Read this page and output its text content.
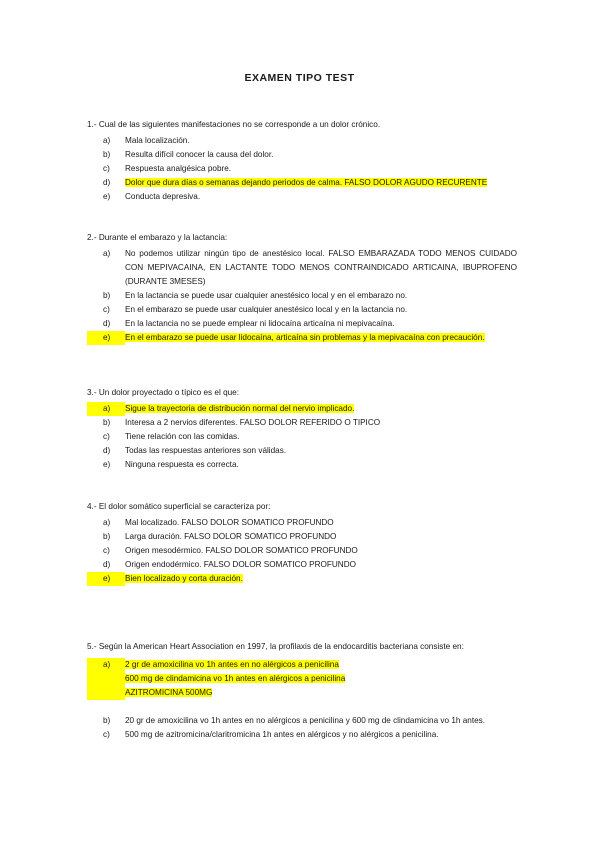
EXAMEN TIPO TEST
1.- Cual de las siguientes manifestaciones no se corresponde a un dolor crónico.
a)	Mala localización.
b)	Resulta difícil conocer la causa del dolor.
c)	Respuesta analgésica pobre.
d)	Dolor que dura días o semanas dejando periodos de calma. FALSO DOLOR AGUDO RECURENTE
e)	Conducta depresiva.
2.- Durante el embarazo y la lactancia:
a)	No podemos utilizar ningún tipo de anestésico local. FALSO EMBARAZADA TODO MENOS CUIDADO CON MEPIVACAINA, EN LACTANTE TODO MENOS CONTRAINDICADO ARTICAINA, IBUPROFENO (DURANTE 3MESES)
b)	En la lactancia se puede usar cualquier anestésico local y en el embarazo no.
c)	En el embarazo se puede usar cualquier anestésico local y en la lactancia no.
d)	En la lactancia no se puede emplear ni lidocaína articaína ni mepivacaína.
e)	En el embarazo se puede usar lidocaína, articaína sin problemas y la mepivacaína con precaución.
3.- Un dolor proyectado o típico es el que:
a)	Sigue la trayectoria de distribución normal del nervio implicado.
b)	Interesa a 2 nervios diferentes. FALSO DOLOR REFERIDO O TIPICO
c)	Tiene relación con las comidas.
d)	Todas las respuestas anteriores son válidas.
e)	Ninguna respuesta es correcta.
4.- El dolor somático superficial se caracteriza por:
a)	Mal localizado. FALSO DOLOR SOMATICO PROFUNDO
b)	Larga duración. FALSO DOLOR SOMATICO PROFUNDO
c)	Origen mesodérmico. FALSO DOLOR SOMATICO PROFUNDO
d)	Origen endodérmico. FALSO DOLOR SOMATICO PROFUNDO
e)	Bien localizado y corta duración.
5.- Según la American Heart Association en 1997, la profilaxis de la endocarditis bacteriana consiste en:
a)	2 gr de amoxicilina vo 1h antes en no alérgicos a penicilina
600 mg de clindamicina vo 1h antes en alérgicos a penicilina
AZITROMICINA 500MG
b)	20 gr de amoxicilina vo 1h antes en no alérgicos a penicilina y 600 mg de clindamicina vo 1h antes.
c)	500 mg de azitromicina/claritromicina 1h antes en alérgicos y no alérgicos a penicilina.
